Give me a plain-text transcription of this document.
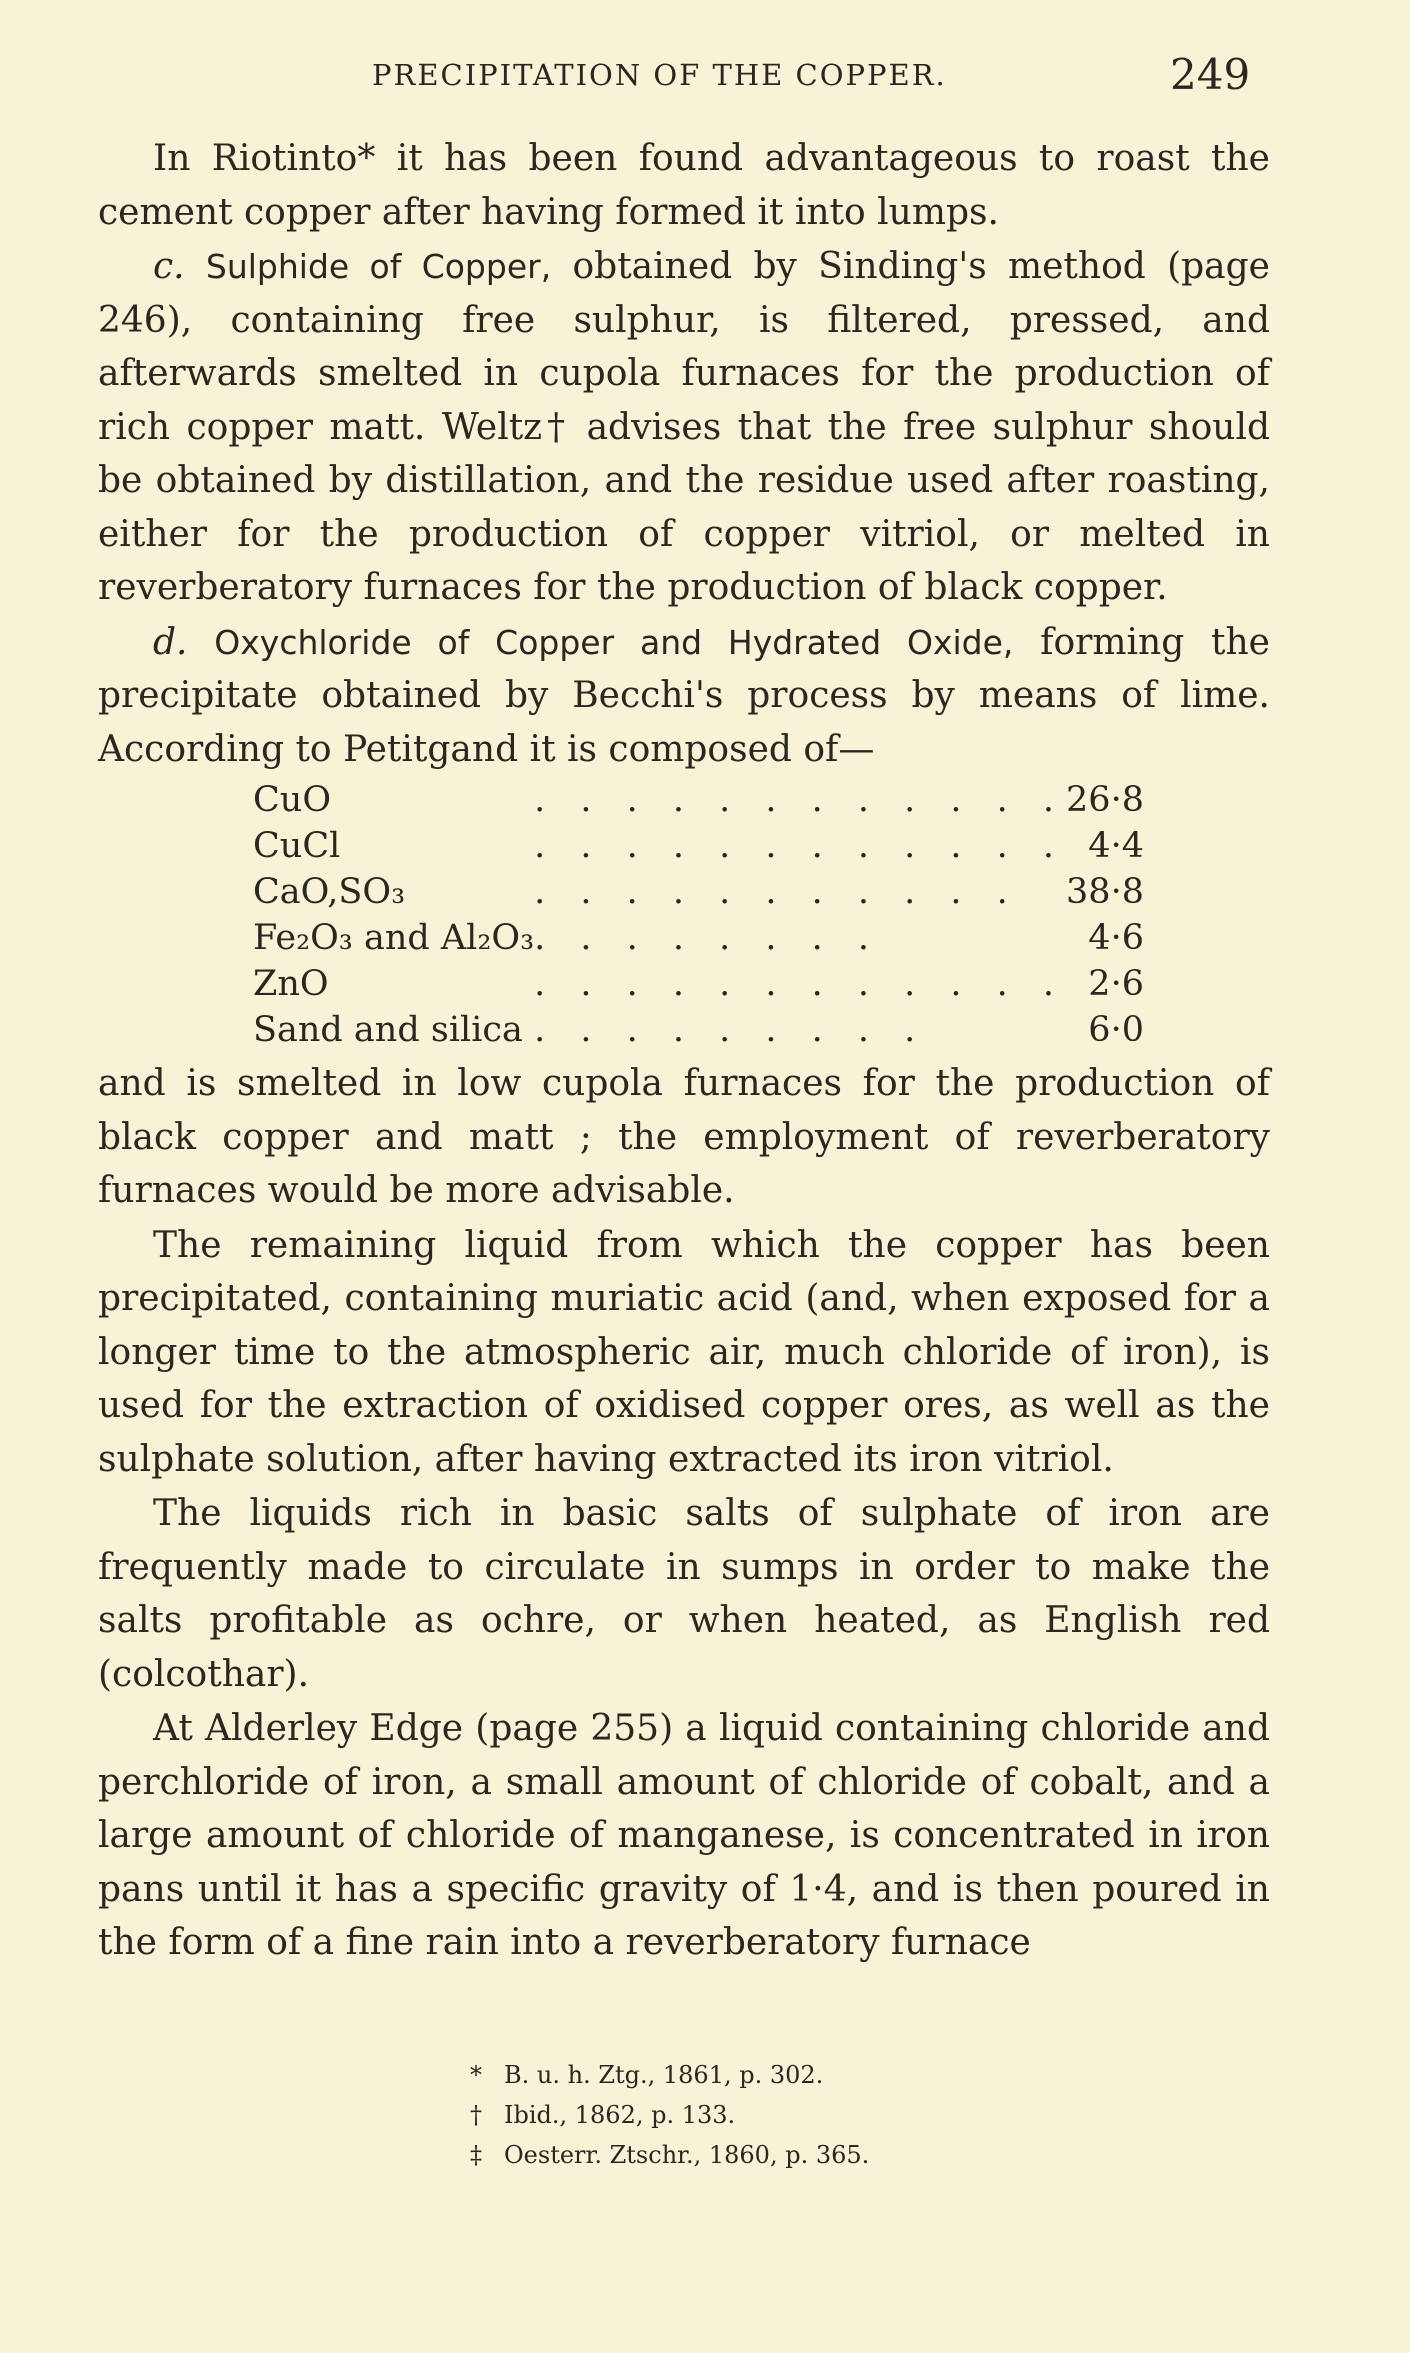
PRECIPITATION OF THE COPPER.	249

In Riotinto* it has been found advantageous to roast the cement copper after having formed it into lumps.

c. Sulphide of Copper, obtained by Sinding's method (page 246), containing free sulphur, is filtered, pressed, and afterwards smelted in cupola furnaces for the production of rich copper matt. Weltz† advises that the free sulphur should be obtained by distillation, and the residue used after roasting, either for the production of copper vitriol, or melted in reverberatory furnaces for the production of black copper.

d. Oxychloride of Copper and Hydrated Oxide, forming the precipitate obtained by Becchi's process by means of lime. According to Petitgand it is composed of—

CuO	. . . . . . . . . . . .	26·8
CuCl	. . . . . . . . . . . .	4·4
CaO,SO₃	. . . . . . . . . . .	38·8
Fe₂O₃ and Al₂O₃	. . . . . . . .	4·6
ZnO	. . . . . . . . . . . .	2·6
Sand and silica	. . . . . . . . .	6·0

and is smelted in low cupola furnaces for the production of black copper and matt ; the employment of reverberatory furnaces would be more advisable.

The remaining liquid from which the copper has been precipitated, containing muriatic acid (and, when exposed for a longer time to the atmospheric air, much chloride of iron), is used for the extraction of oxidised copper ores, as well as the sulphate solution, after having extracted its iron vitriol.

The liquids rich in basic salts of sulphate of iron are frequently made to circulate in sumps in order to make the salts profitable as ochre, or when heated, as English red (colcothar).

At Alderley Edge (page 255) a liquid containing chloride and perchloride of iron, a small amount of chloride of cobalt, and a large amount of chloride of manganese, is concentrated in iron pans until it has a specific gravity of 1·4, and is then poured in the form of a fine rain into a reverberatory furnace

* B. u. h. Ztg., 1861, p. 302.
† Ibid., 1862, p. 133.
‡ Oesterr. Ztschr., 1860, p. 365.
